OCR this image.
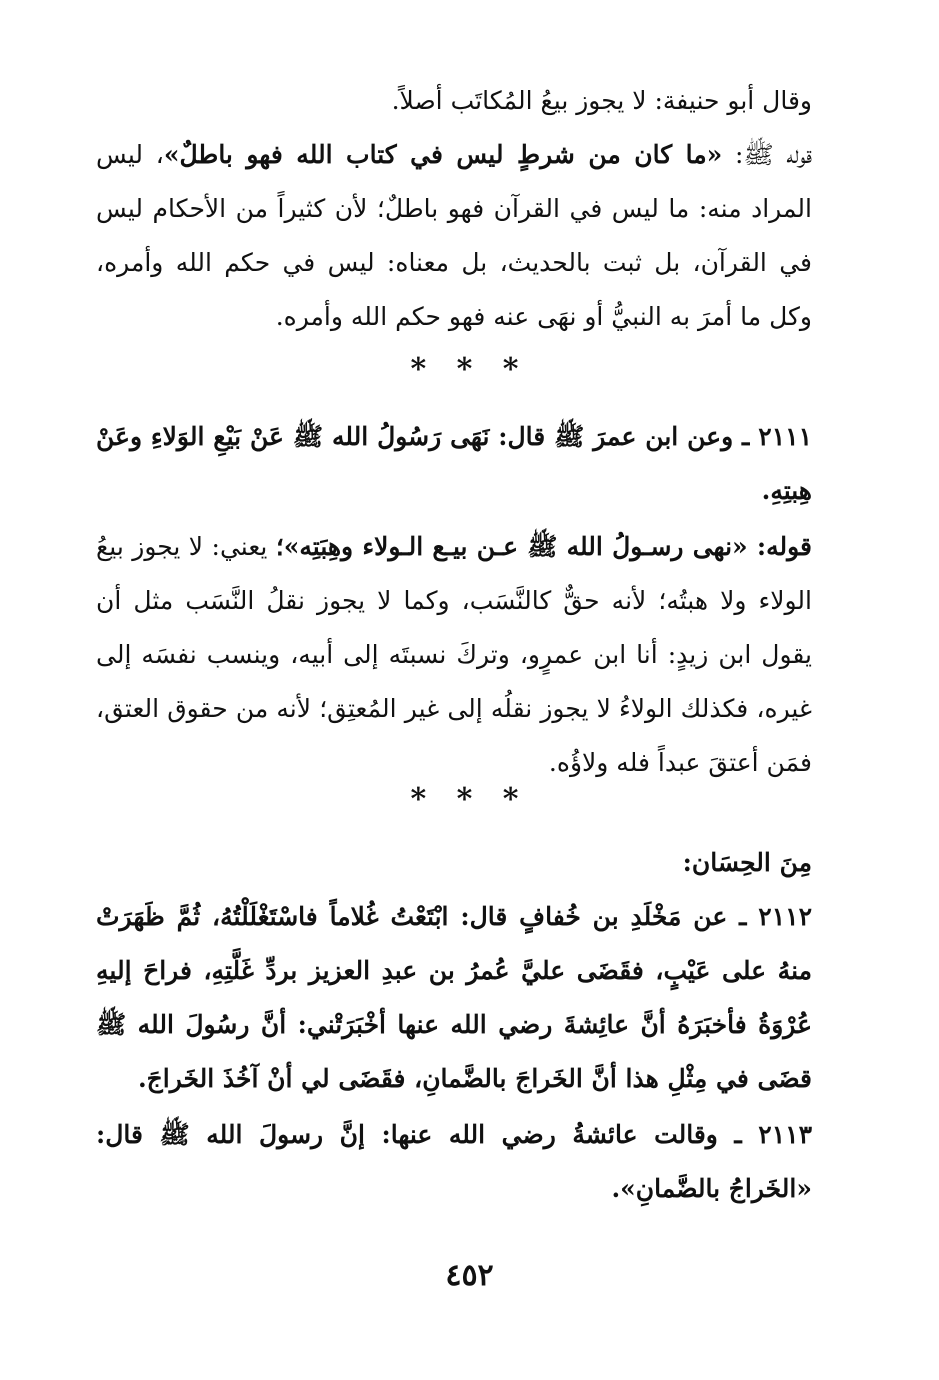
وقال أبو حنيفة: لا يجوز بيعُ المُكاتَب أصلاً.
قوله ﷺ: «ما كان من شرطٍ ليس في كتاب الله فهو باطلٌ»، ليس المراد منه: ما ليس في القرآن فهو باطلٌ؛ لأن كثيراً من الأحكام ليس في القرآن، بل ثبت بالحديث، بل معناه: ليس في حكم الله وأمره، وكل ما أمرَ به النبيُّ أو نهَى عنه فهو حكم الله وأمره.
* * *
٢١١١ ـ وعن ابن عمرَ ﷺ قال: نَهَى رَسُولُ الله ﷺ عَنْ بَيْعِ الوَلاءِ وعَنْ هِبتِهِ.
قوله: «نهى رسـولُ الله ﷺ عـن بيـع الـولاء وهِبَتِه»؛ يعني: لا يجوز بيعُ الولاء ولا هبتُه؛ لأنه حقٌّ كالنَّسَب، وكما لا يجوز نقلُ النَّسَب مثل أن يقول ابن زيدٍ: أنا ابن عمرٍو، وتركَ نسبتَه إلى أبيه، وينسب نفسَه إلى غيره، فكذلك الولاءُ لا يجوز نقلُه إلى غير المُعتِق؛ لأنه من حقوق العتق، فمَن أعتقَ عبداً فله ولاؤُه.
* * *
مِنَ الحِسَان:
٢١١٢ ـ عن مَخْلَدِ بن خُفافٍ قال: ابْتَعْتُ غُلاماً فاسْتَغْلَلْتُهُ، ثُمَّ ظَهَرَتْ منهُ على عَيْبٍ، فقَضَى عليَّ عُمرُ بن عبدِ العزيز بردِّ غَلَّتِهِ، فراحَ إليهِ عُرْوَةُ فأخبَرَهُ أنَّ عائِشةَ رضي الله عنها أخْبَرَتْني: أنَّ رسُولَ الله ﷺ قضَى في مِثْلِ هذا أنَّ الخَراجَ بالضَّمانِ، فقَضَى لي أنْ آخُذَ الخَراجَ.
٢١١٣ ـ وقالت عائشةُ رضي الله عنها: إنَّ رسولَ الله ﷺ قال: «الخَراجُ بالضَّمانِ».
٤٥٢
